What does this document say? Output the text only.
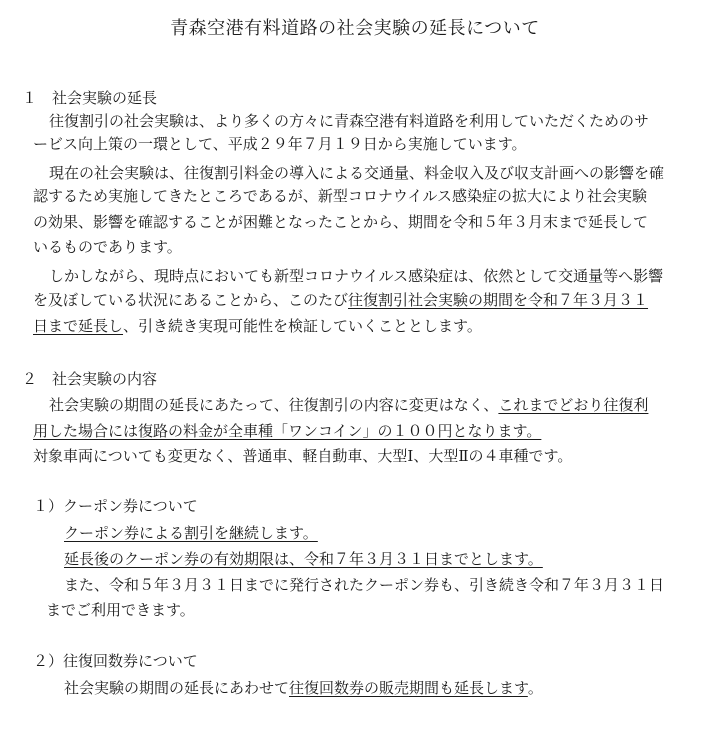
青森空港有料道路の社会実験の延長について
１　社会実験の延長
往復割引の社会実験は、より多くの方々に青森空港有料道路を利用していただくためのサ
ービス向上策の一環として、平成２９年７月１９日から実施しています。
現在の社会実験は、往復割引料金の導入による交通量、料金収入及び収支計画への影響を確
認するため実施してきたところであるが、新型コロナウイルス感染症の拡大により社会実験
の効果、影響を確認することが困難となったことから、期間を令和５年３月末まで延長して
いるものであります。
しかしながら、現時点においても新型コロナウイルス感染症は、依然として交通量等へ影響
を及ぼしている状況にあることから、このたび往復割引社会実験の期間を令和７年３月３１
日まで延長し、引き続き実現可能性を検証していくこととします。
２　社会実験の内容
社会実験の期間の延長にあたって、往復割引の内容に変更はなく、これまでどおり往復利
用した場合には復路の料金が全車種「ワンコイン」の１００円となります。
対象車両についても変更なく、普通車、軽自動車、大型Ⅰ、大型Ⅱの４車種です。
１）クーポン券について
クーポン券による割引を継続します。
延長後のクーポン券の有効期限は、令和７年３月３１日までとします。
また、令和５年３月３１日までに発行されたクーポン券も、引き続き令和７年３月３１日
までご利用できます。
２）往復回数券について
社会実験の期間の延長にあわせて往復回数券の販売期間も延長します。
